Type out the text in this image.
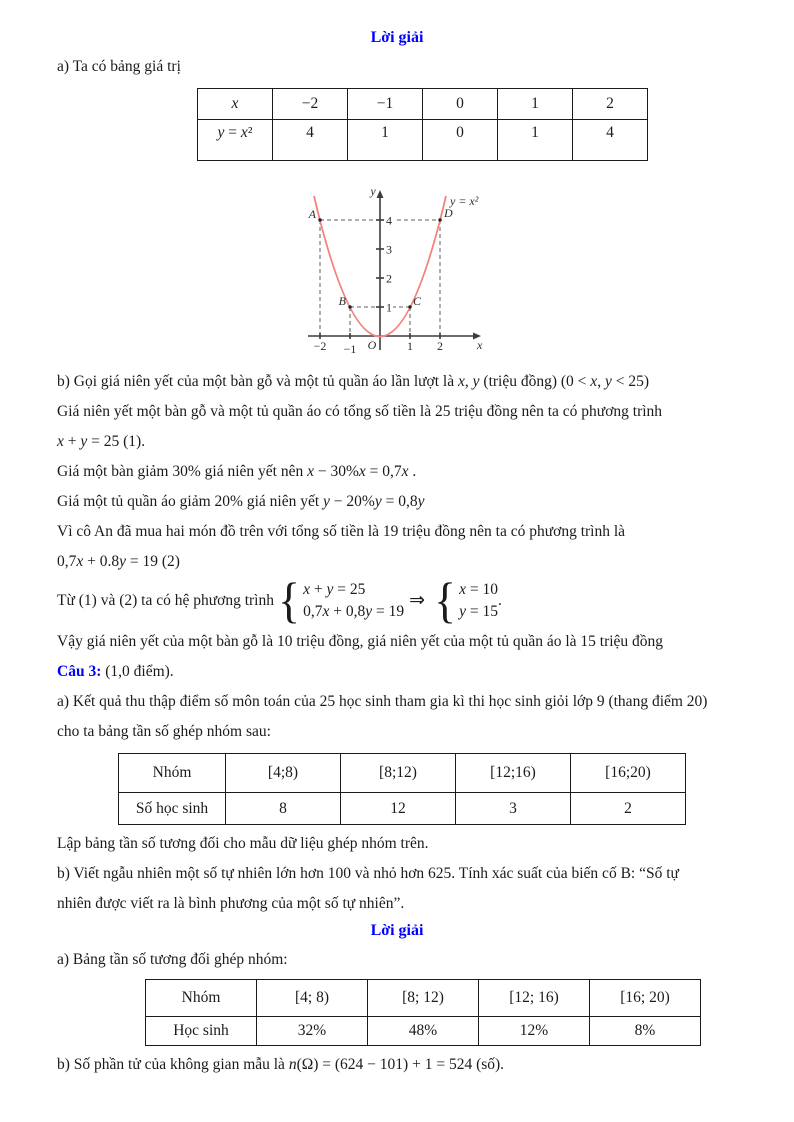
Lời giải

a) Ta có bảng giá trị
x	−2	−1	0	1	2
y = x²	4	1	0	1	4
4
3
2
1
−2 −1	1 2
O
y
x
A	D
B	C
y = x²
b) Gọi giá niên yết của một bàn gỗ và một tủ quần áo lần lượt là x, y (triệu đồng) (0 < x, y < 25)
Giá niên yết một bàn gỗ và một tủ quần áo có tổng số tiền là 25 triệu đồng nên ta có phương trình
x + y = 25 (1).
Giá một bàn giảm 30% giá niên yết nên x − 30%x = 0,7x .
Giá một tủ quần áo giảm 20% giá niên yết y − 20%y = 0,8y
Vì cô An đã mua hai món đồ trên với tổng số tiền là 19 triệu đồng nên ta có phương trình là
0,7x + 0.8y = 19 (2)
Từ (1) và (2) ta có hệ phương trình { x + y = 25
0,7x + 0,8y = 19
⇒ { x = 10
y = 15
.
Vậy giá niên yết của một bàn gỗ là 10 triệu đồng, giá niên yết của một tủ quần áo là 15 triệu đồng
Câu 3: (1,0 điểm).
a) Kết quả thu thập điểm số môn toán của 25 học sinh tham gia kì thi học sinh giỏi lớp 9 (thang điểm 20)
cho ta bảng tần số ghép nhóm sau:
Nhóm	[4;8)	[8;12)	[12;16)	[16;20)
Số học sinh	8	12	3	2
Lập bảng tần số tương đối cho mẫu dữ liệu ghép nhóm trên.
b) Viết ngẫu nhiên một số tự nhiên lớn hơn 100 và nhỏ hơn 625. Tính xác suất của biến cố B: “Số tự
nhiên được viết ra là bình phương của một số tự nhiên”.

Lời giải

a) Bảng tần số tương đối ghép nhóm:
Nhóm	[4; 8)	[8; 12)	[12; 16)	[16; 20)
Học sinh	32%	48%	12%	8%
b) Số phần tử của không gian mẫu là n(Ω) = (624 − 101) + 1 = 524 (số).
